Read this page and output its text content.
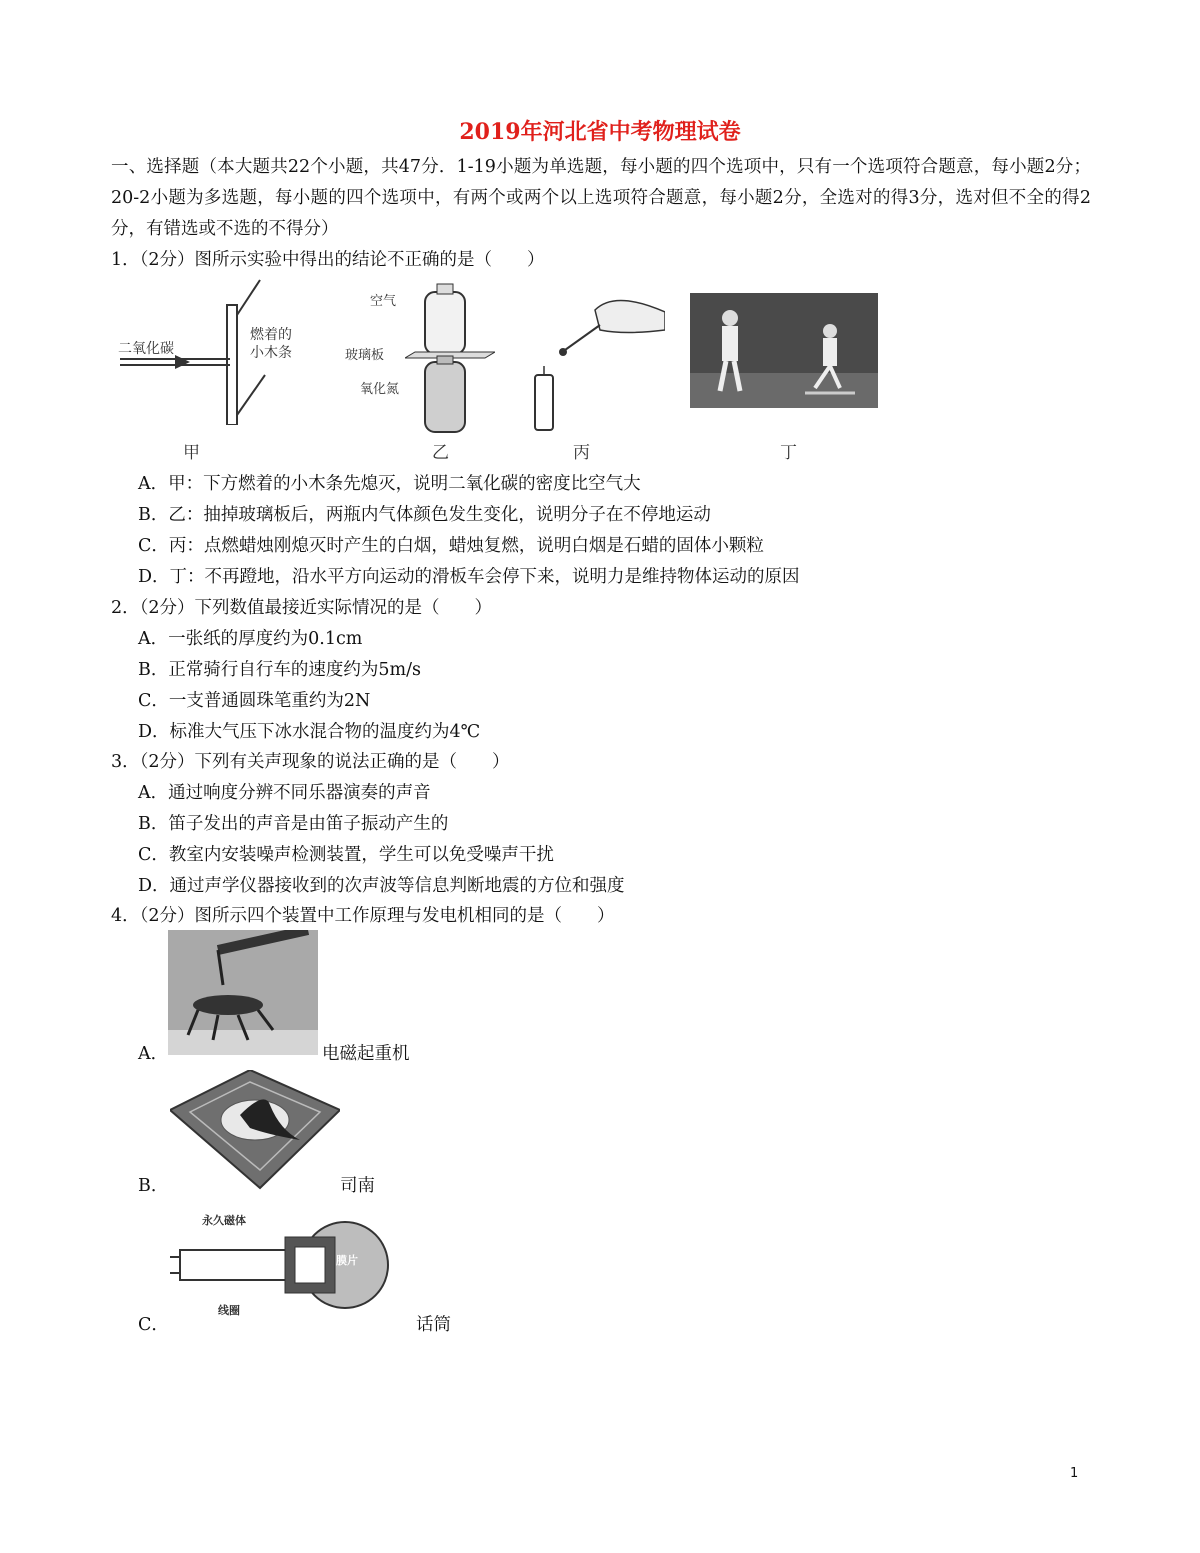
2019年河北省中考物理试卷

一、选择题（本大题共22个小题，共47分．1-19小题为单选题，每小题的四个选项中，只有一个选项符合题意，每小题2分；20-2小题为多选题，每小题的四个选项中，有两个或两个以上选项符合题意，每小题2分，全选对的得3分，选对但不全的得2分，有错选或不选的不得分）

1．（2分）图所示实验中得出的结论不正确的是（　　）
二氧化碳
燃着的小木条
甲
空气
玻璃板
氧化氮
乙	丙	丁
A．甲：下方燃着的小木条先熄灭，说明二氧化碳的密度比空气大
B．乙：抽掉玻璃板后，两瓶内气体颜色发生变化，说明分子在不停地运动
C．丙：点燃蜡烛刚熄灭时产生的白烟，蜡烛复燃，说明白烟是石蜡的固体小颗粒
D．丁：不再蹬地，沿水平方向运动的滑板车会停下来，说明力是维持物体运动的原因
2．（2分）下列数值最接近实际情况的是（　　）
A．一张纸的厚度约为0.1cm
B．正常骑行自行车的速度约为5m/s
C．一支普通圆珠笔重约为2N
D．标准大气压下冰水混合物的温度约为4℃
3．（2分）下列有关声现象的说法正确的是（　　）
A．通过响度分辨不同乐器演奏的声音
B．笛子发出的声音是由笛子振动产生的
C．教室内安装噪声检测装置，学生可以免受噪声干扰
D．通过声学仪器接收到的次声波等信息判断地震的方位和强度
4．（2分）图所示四个装置中工作原理与发电机相同的是（　　）
A．	电磁起重机
B．	司南
永久磁体
膜片
线圈
C．	话筒
1
